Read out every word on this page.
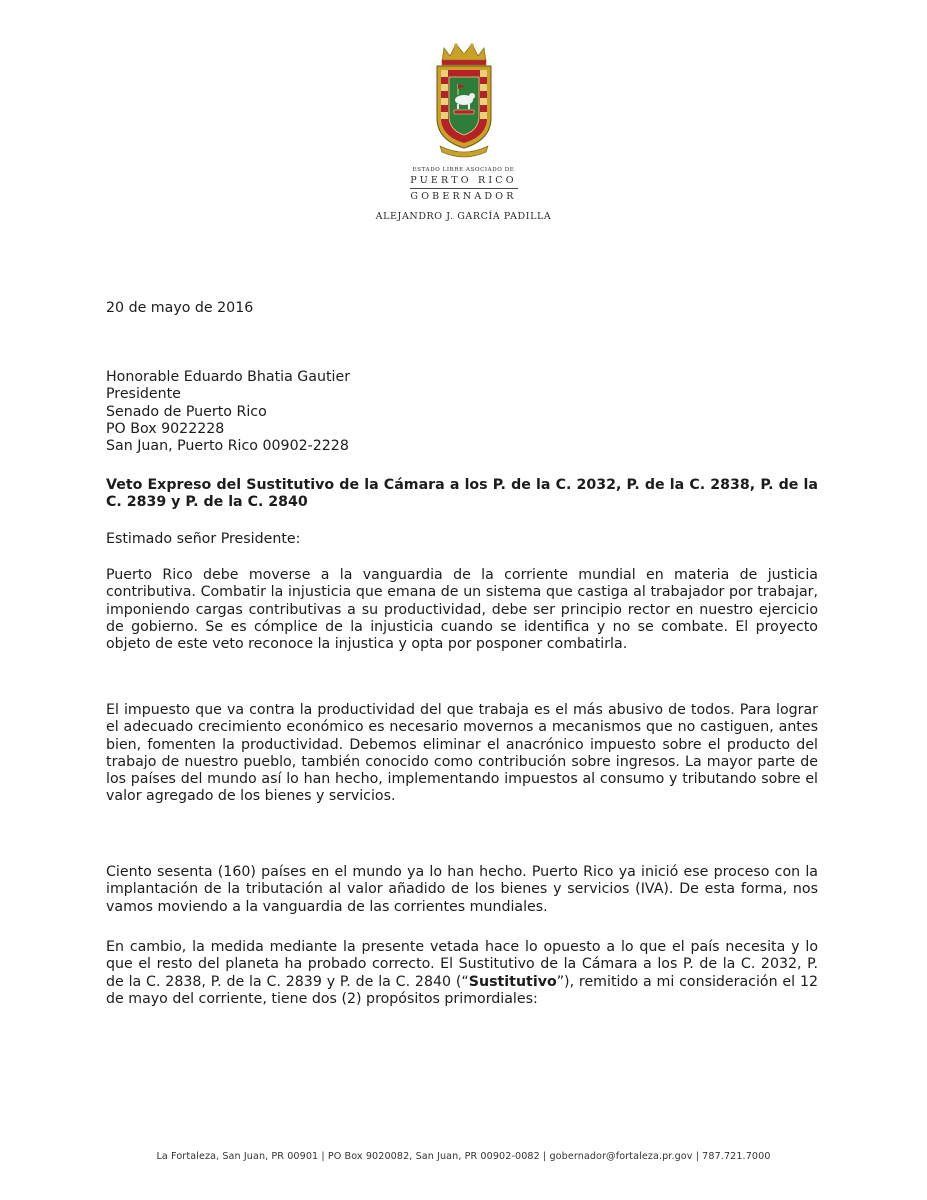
ESTADO LIBRE ASOCIADO DE
PUERTO RICO
GOBERNADOR
ALEJANDRO J. GARCÍA PADILLA
20 de mayo de 2016
Honorable Eduardo Bhatia Gautier
Presidente
Senado de Puerto Rico
PO Box 9022228
San Juan, Puerto Rico 00902-2228
Veto Expreso del Sustitutivo de la Cámara a los P. de la C. 2032, P. de la C. 2838, P. de la C. 2839 y P. de la C. 2840
Estimado señor Presidente:

Puerto Rico debe moverse a la vanguardia de la corriente mundial en materia de justicia contributiva. Combatir la injusticia que emana de un sistema que castiga al trabajador por trabajar, imponiendo cargas contributivas a su productividad, debe ser principio rector en nuestro ejercicio de gobierno. Se es cómplice de la injusticia cuando se identifica y no se combate. El proyecto objeto de este veto reconoce la injustica y opta por posponer combatirla.

El impuesto que va contra la productividad del que trabaja es el más abusivo de todos. Para lograr el adecuado crecimiento económico es necesario movernos a mecanismos que no castiguen, antes bien, fomenten la productividad. Debemos eliminar el anacrónico impuesto sobre el producto del trabajo de nuestro pueblo, también conocido como contribución sobre ingresos. La mayor parte de los países del mundo así lo han hecho, implementando impuestos al consumo y tributando sobre el valor agregado de los bienes y servicios.

Ciento sesenta (160) países en el mundo ya lo han hecho. Puerto Rico ya inició ese proceso con la implantación de la tributación al valor añadido de los bienes y servicios (IVA). De esta forma, nos vamos moviendo a la vanguardia de las corrientes mundiales.

En cambio, la medida mediante la presente vetada hace lo opuesto a lo que el país necesita y lo que el resto del planeta ha probado correcto. El Sustitutivo de la Cámara a los P. de la C. 2032, P. de la C. 2838, P. de la C. 2839 y P. de la C. 2840 (“Sustitutivo”), remitido a mi consideración el 12 de mayo del corriente, tiene dos (2) propósitos primordiales:

La Fortaleza, San Juan, PR 00901 | PO Box 9020082, San Juan, PR 00902-0082 | gobernador@fortaleza.pr.gov | 787.721.7000
